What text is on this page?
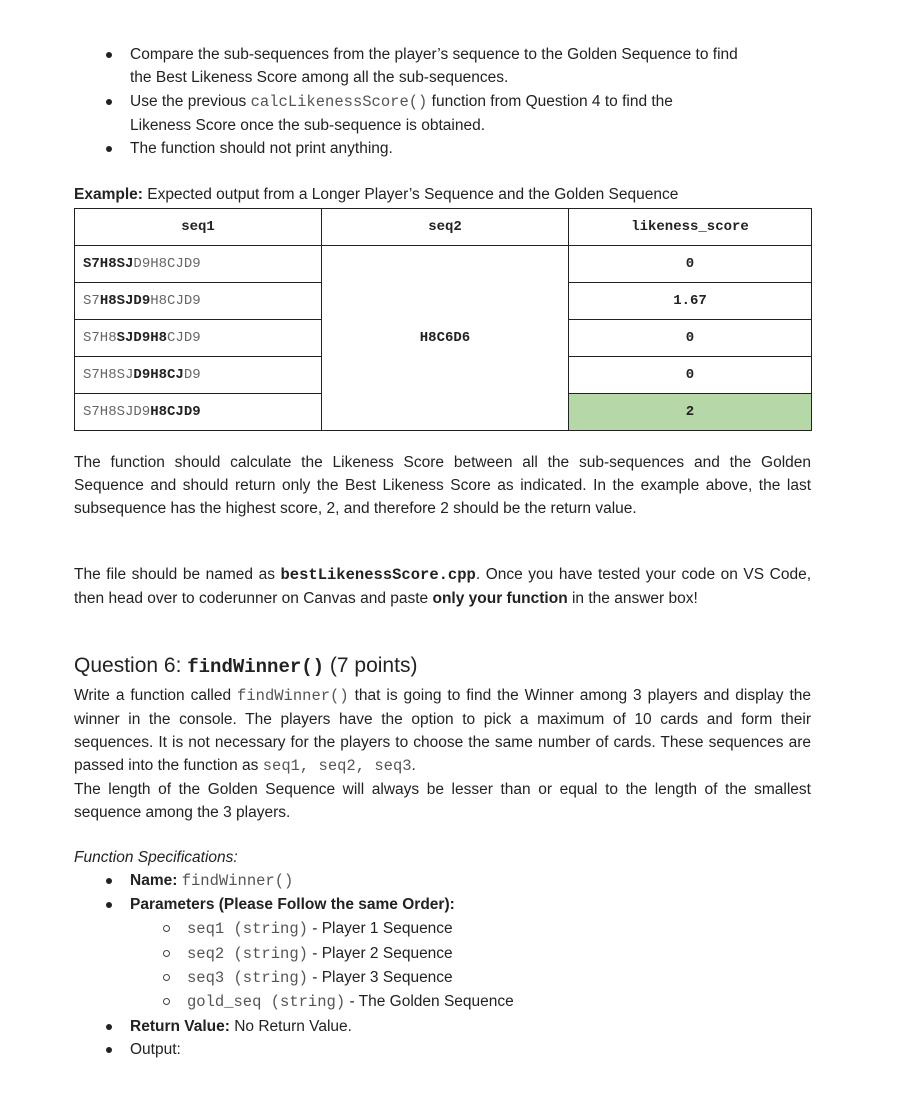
Compare the sub-sequences from the player’s sequence to the Golden Sequence to find
the Best Likeness Score among all the sub-sequences.
Use the previous calcLikenessScore() function from Question 4 to find the
Likeness Score once the sub-sequence is obtained.
The function should not print anything.
Example: Expected output from a Longer Player’s Sequence and the Golden Sequence
seq1	seq2	likeness_score
S7H8SJD9H8CJD9	H8C6D6	0
S7H8SJD9H8CJD9		1.67
S7H8SJD9H8CJD9		0
S7H8SJD9H8CJD9		0
S7H8SJD9H8CJD9		2
The function should calculate the Likeness Score between all the sub-sequences and the Golden Sequence and should return only the Best Likeness Score as indicated. In the example above, the last subsequence has the highest score, 2, and therefore 2 should be the return value.
The file should be named as bestLikenessScore.cpp. Once you have tested your code on VS Code, then head over to coderunner on Canvas and paste only your function in the answer box!
Question 6: findWinner() (7 points)
Write a function called findWinner() that is going to find the Winner among 3 players and display the winner in the console. The players have the option to pick a maximum of 10 cards and form their sequences. It is not necessary for the players to choose the same number of cards. These sequences are passed into the function as seq1, seq2, seq3.
The length of the Golden Sequence will always be lesser than or equal to the length of the smallest sequence among the 3 players.
Function Specifications:
Name: findWinner()
Parameters (Please Follow the same Order):
seq1 (string) - Player 1 Sequence
seq2 (string) - Player 2 Sequence
seq3 (string) - Player 3 Sequence
gold_seq (string) - The Golden Sequence
Return Value: No Return Value.
Output:
